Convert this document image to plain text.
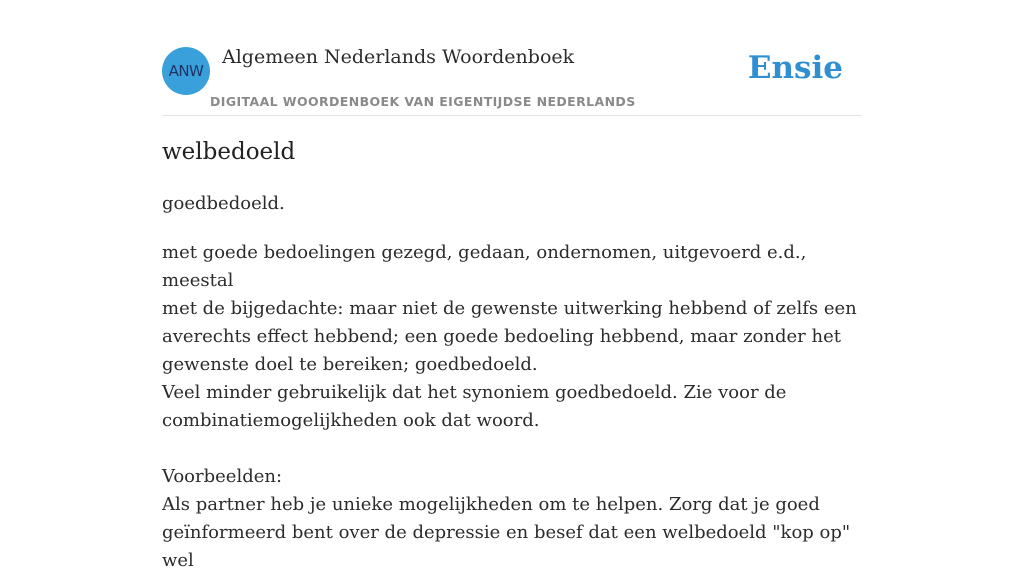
ANW
Algemeen Nederlands Woordenboek
DIGITAAL WOORDENBOEK VAN EIGENTIJDSE NEDERLANDS
Ensie
welbedoeld
goedbedoeld.

met goede bedoelingen gezegd, gedaan, ondernomen, uitgevoerd e.d., meestal

met de bijgedachte: maar niet de gewenste uitwerking hebbend of zelfs een

averechts effect hebbend; een goede bedoeling hebbend, maar zonder het

gewenste doel te bereiken; goedbedoeld.

Veel minder gebruikelijk dat het synoniem goedbedoeld. Zie voor de

combinatiemogelijkheden ook dat woord.

Voorbeelden:

Als partner heb je unieke mogelijkheden om te helpen. Zorg dat je goed

geïnformeerd bent over de depressie en besef dat een welbedoeld "kop op" wel
